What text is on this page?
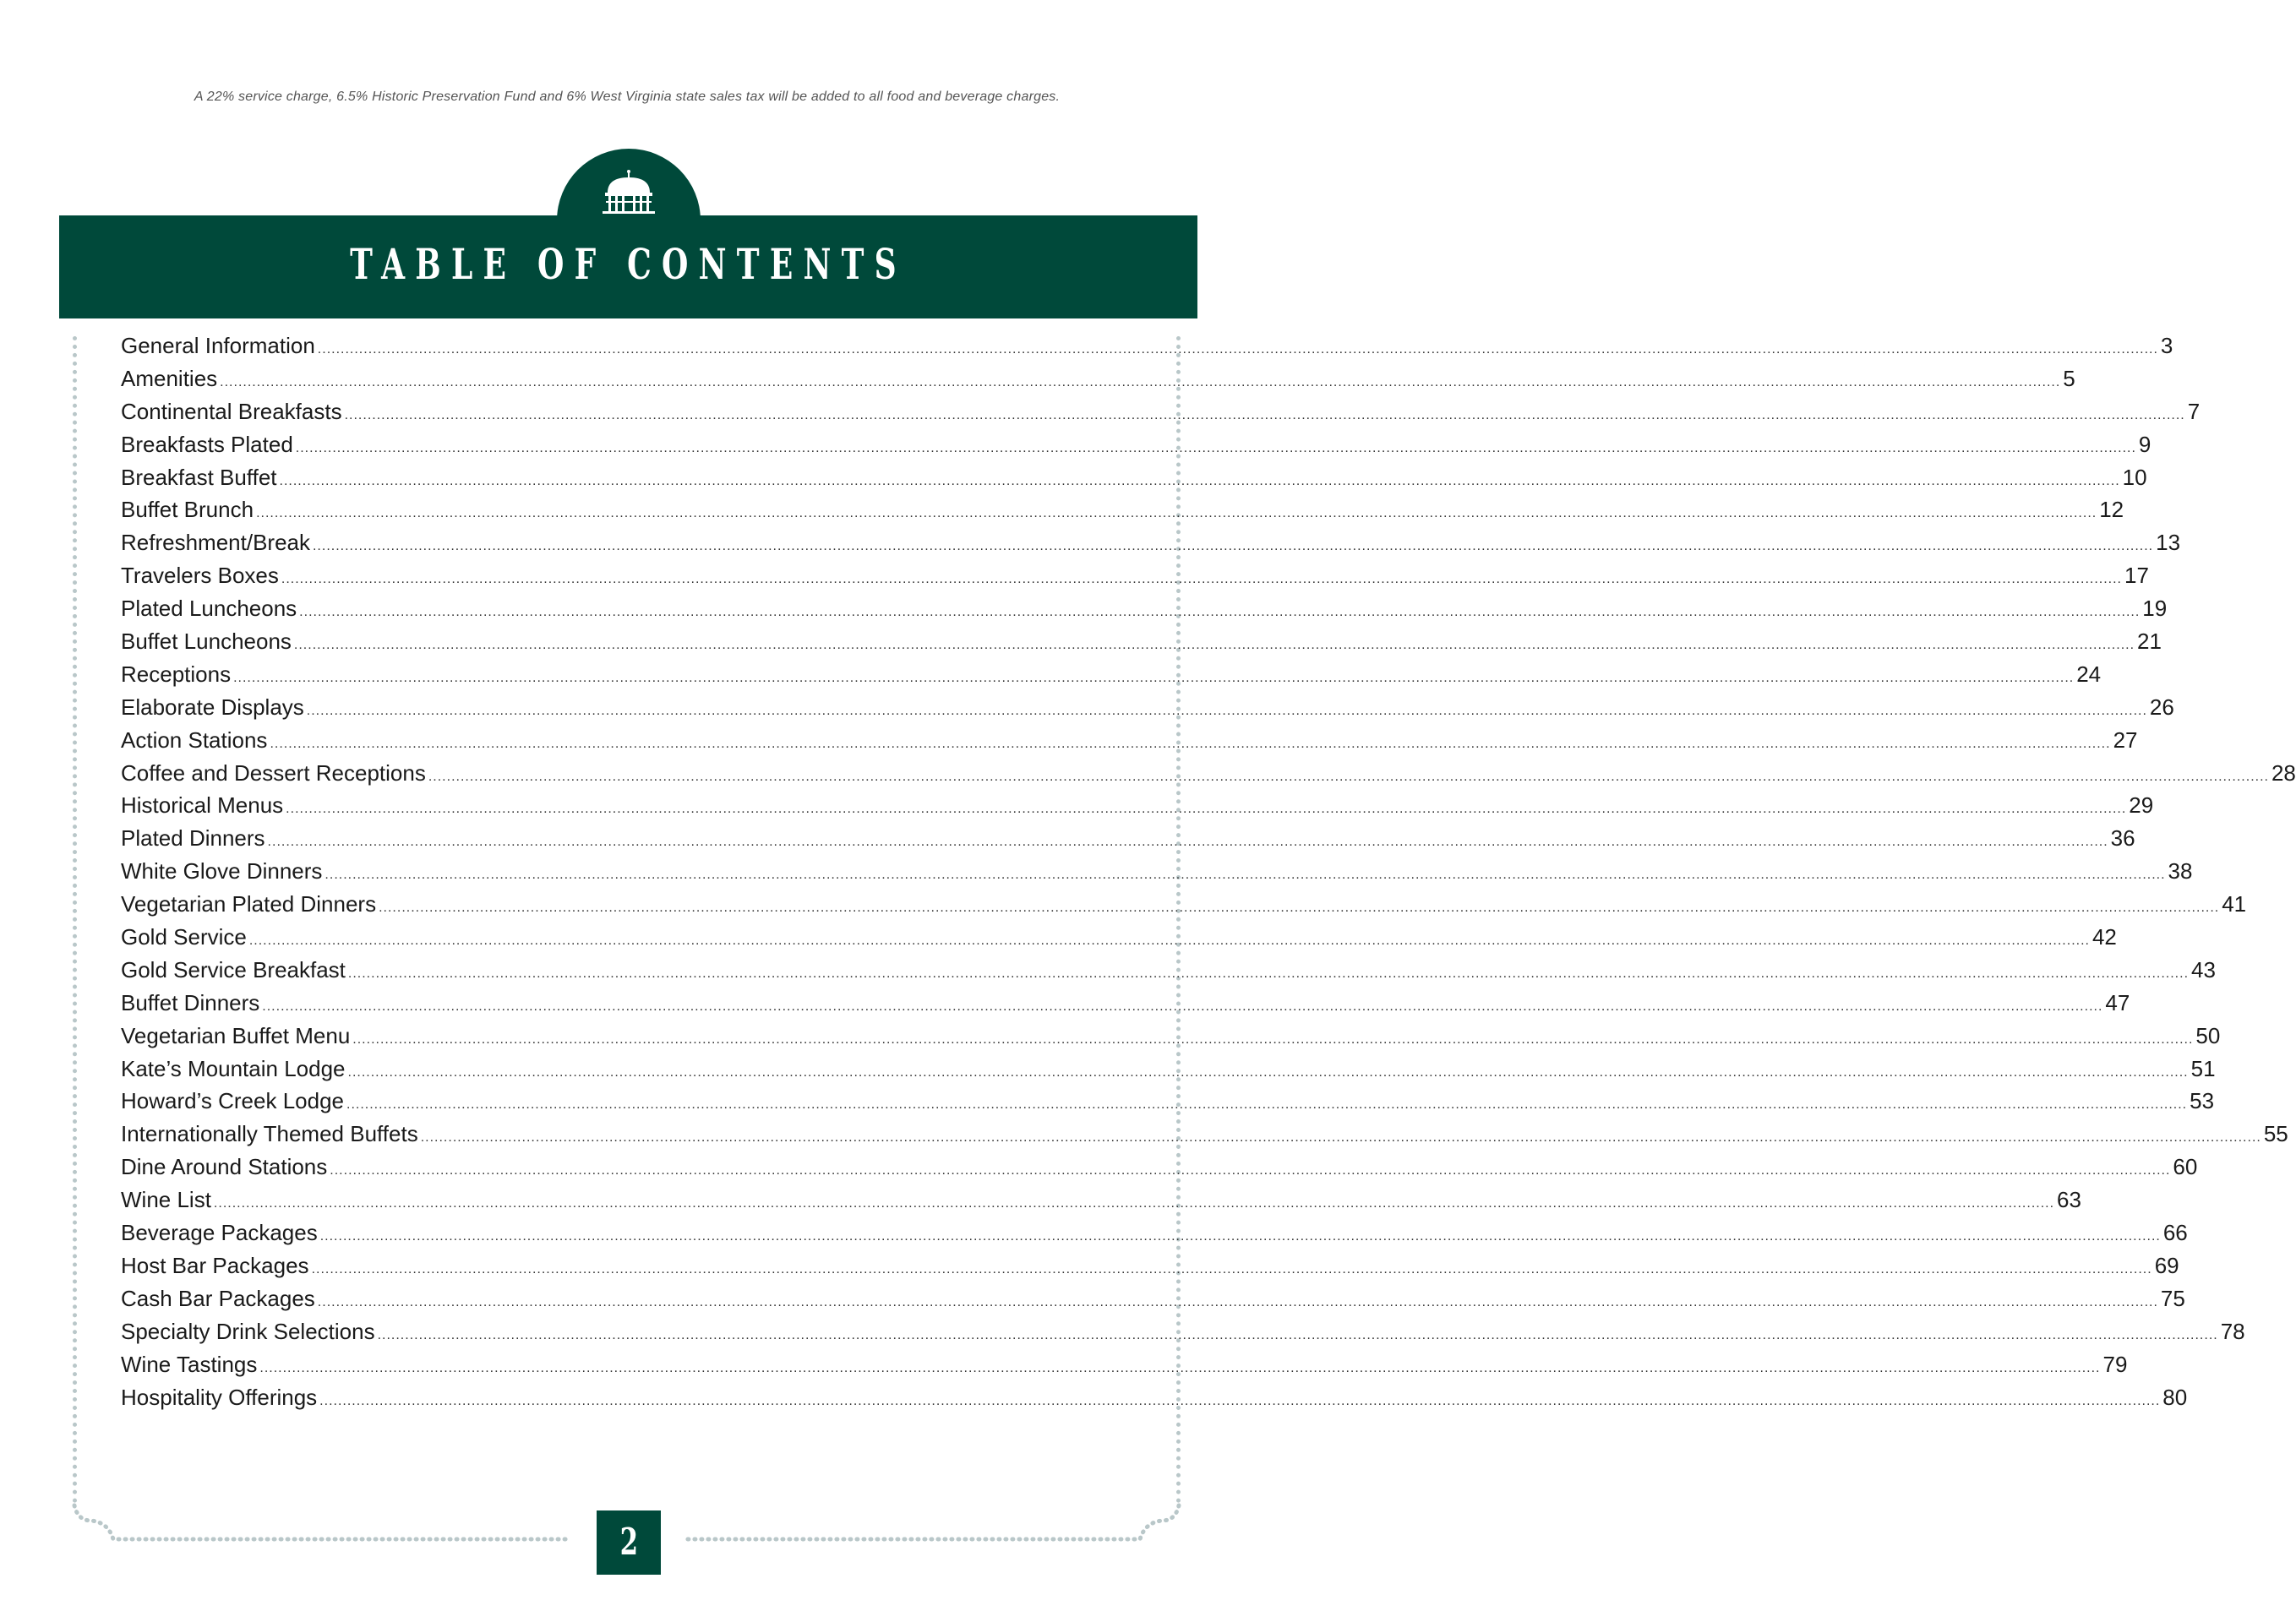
A 22% service charge, 6.5% Historic Preservation Fund and 6% West Virginia state sales tax will be added to all food and beverage charges.
TABLE OF CONTENTS
General Information ................................................................................................................................................................................................................................................................................................................................................................................................................ 3
Amenities ................................................................................................................................................................................................................................................................................................................................................................................................................ 5
Continental Breakfasts ................................................................................................................................................................................................................................................................................................................................................................................................................ 7
Breakfasts Plated ................................................................................................................................................................................................................................................................................................................................................................................................................ 9
Breakfast Buffet ................................................................................................................................................................................................................................................................................................................................................................................................................ 10
Buffet Brunch ................................................................................................................................................................................................................................................................................................................................................................................................................ 12
Refreshment/Break ................................................................................................................................................................................................................................................................................................................................................................................................................ 13
Travelers Boxes ................................................................................................................................................................................................................................................................................................................................................................................................................ 17
Plated Luncheons ................................................................................................................................................................................................................................................................................................................................................................................................................ 19
Buffet Luncheons ................................................................................................................................................................................................................................................................................................................................................................................................................ 21
Receptions ................................................................................................................................................................................................................................................................................................................................................................................................................ 24
Elaborate Displays ................................................................................................................................................................................................................................................................................................................................................................................................................ 26
Action Stations ................................................................................................................................................................................................................................................................................................................................................................................................................ 27
Coffee and Dessert Receptions ................................................................................................................................................................................................................................................................................................................................................................................................................ 28
Historical Menus ................................................................................................................................................................................................................................................................................................................................................................................................................ 29
Plated Dinners ................................................................................................................................................................................................................................................................................................................................................................................................................ 36
White Glove Dinners ................................................................................................................................................................................................................................................................................................................................................................................................................ 38
Vegetarian Plated Dinners ................................................................................................................................................................................................................................................................................................................................................................................................................ 41
Gold Service ................................................................................................................................................................................................................................................................................................................................................................................................................ 42
Gold Service Breakfast ................................................................................................................................................................................................................................................................................................................................................................................................................ 43
Buffet Dinners ................................................................................................................................................................................................................................................................................................................................................................................................................ 47
Vegetarian Buffet Menu ................................................................................................................................................................................................................................................................................................................................................................................................................ 50
Kate’s Mountain Lodge ................................................................................................................................................................................................................................................................................................................................................................................................................ 51
Howard’s Creek Lodge ................................................................................................................................................................................................................................................................................................................................................................................................................ 53
Internationally Themed Buffets ................................................................................................................................................................................................................................................................................................................................................................................................................ 55
Dine Around Stations ................................................................................................................................................................................................................................................................................................................................................................................................................ 60
Wine List ................................................................................................................................................................................................................................................................................................................................................................................................................ 63
Beverage Packages ................................................................................................................................................................................................................................................................................................................................................................................................................ 66
Host Bar Packages ................................................................................................................................................................................................................................................................................................................................................................................................................ 69
Cash Bar Packages ................................................................................................................................................................................................................................................................................................................................................................................................................ 75
Specialty Drink Selections ................................................................................................................................................................................................................................................................................................................................................................................................................ 78
Wine Tastings ................................................................................................................................................................................................................................................................................................................................................................................................................ 79
Hospitality Offerings ................................................................................................................................................................................................................................................................................................................................................................................................................ 80
2
